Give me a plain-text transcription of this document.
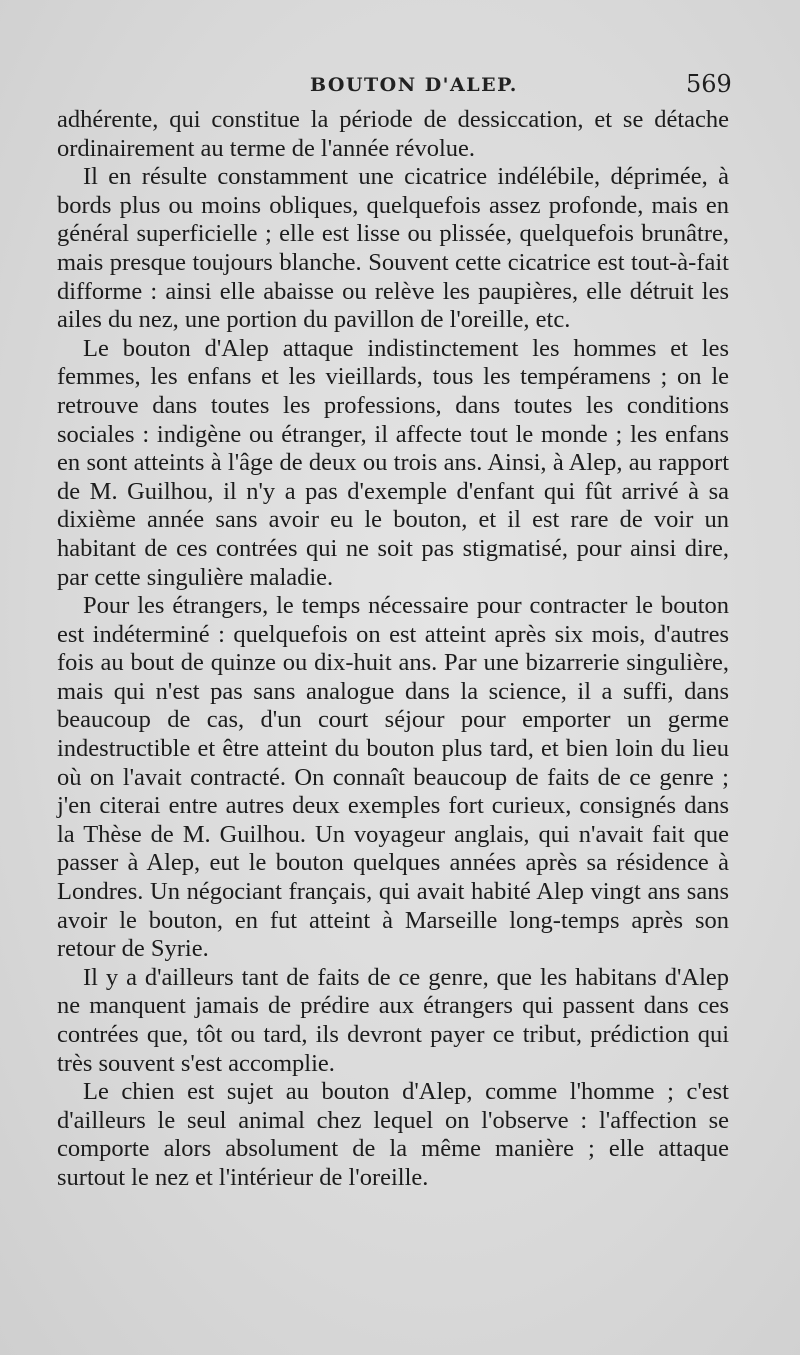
BOUTON D'ALEP.	569

adhérente, qui constitue la période de dessiccation, et se détache ordinairement au terme de l'année révolue.

Il en résulte constamment une cicatrice indélébile, déprimée, à bords plus ou moins obliques, quelquefois assez profonde, mais en général superficielle ; elle est lisse ou plissée, quelquefois brunâtre, mais presque toujours blanche. Souvent cette cicatrice est tout-à-fait difforme : ainsi elle abaisse ou relève les paupières, elle détruit les ailes du nez, une portion du pavillon de l'oreille, etc.

Le bouton d'Alep attaque indistinctement les hommes et les femmes, les enfans et les vieillards, tous les tempéramens ; on le retrouve dans toutes les professions, dans toutes les conditions sociales : indigène ou étranger, il affecte tout le monde ; les enfans en sont atteints à l'âge de deux ou trois ans. Ainsi, à Alep, au rapport de M. Guilhou, il n'y a pas d'exemple d'enfant qui fût arrivé à sa dixième année sans avoir eu le bouton, et il est rare de voir un habitant de ces contrées qui ne soit pas stigmatisé, pour ainsi dire, par cette singulière maladie.

Pour les étrangers, le temps nécessaire pour contracter le bouton est indéterminé : quelquefois on est atteint après six mois, d'autres fois au bout de quinze ou dix-huit ans. Par une bizarrerie singulière, mais qui n'est pas sans analogue dans la science, il a suffi, dans beaucoup de cas, d'un court séjour pour emporter un germe indestructible et être atteint du bouton plus tard, et bien loin du lieu où on l'avait contracté. On connaît beaucoup de faits de ce genre ; j'en citerai entre autres deux exemples fort curieux, consignés dans la Thèse de M. Guilhou. Un voyageur anglais, qui n'avait fait que passer à Alep, eut le bouton quelques années après sa résidence à Londres. Un négociant français, qui avait habité Alep vingt ans sans avoir le bouton, en fut atteint à Marseille long-temps après son retour de Syrie.

Il y a d'ailleurs tant de faits de ce genre, que les habitans d'Alep ne manquent jamais de prédire aux étrangers qui passent dans ces contrées que, tôt ou tard, ils devront payer ce tribut, prédiction qui très souvent s'est accomplie.

Le chien est sujet au bouton d'Alep, comme l'homme ; c'est d'ailleurs le seul animal chez lequel on l'observe : l'affection se comporte alors absolument de la même manière ; elle attaque surtout le nez et l'intérieur de l'oreille.
